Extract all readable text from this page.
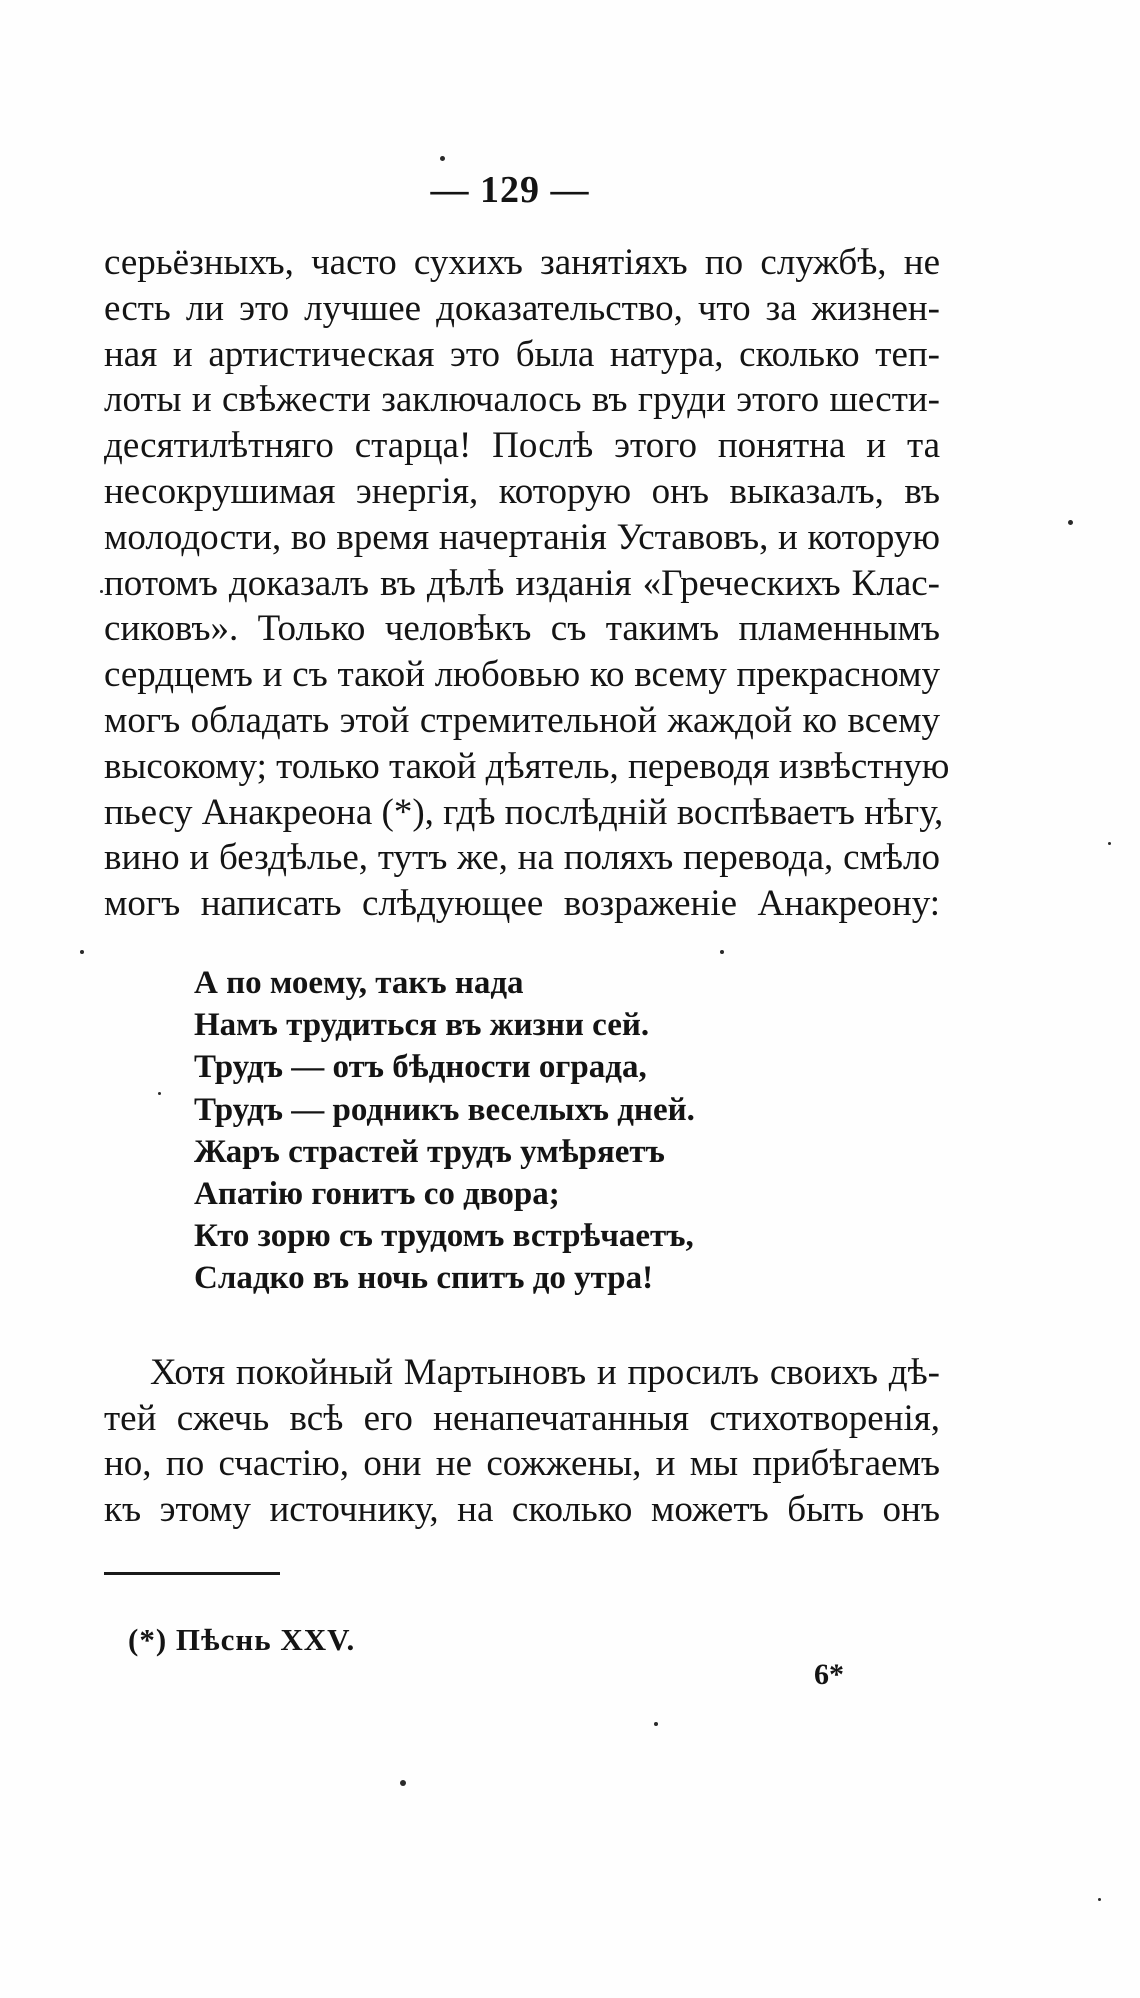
— 129 —
серьёзныхъ, часто сухихъ занятіяхъ по службѣ, не
есть ли это лучшее доказательство, что за жизнен-
ная и артистическая это была натура, сколько теп-
лоты и свѣжести заключалось въ груди этого шести-
десятилѣтняго старца! Послѣ этого понятна и та
несокрушимая энергія, которую онъ выказалъ, въ
молодости, во время начертанія Уставовъ, и которую
потомъ доказалъ въ дѣлѣ изданія «Греческихъ Клас-
сиковъ». Только человѣкъ съ такимъ пламеннымъ
сердцемъ и съ такой любовью ко всему прекрасному
могъ обладать этой стремительной жаждой ко всему
высокому; только такой дѣятель, переводя извѣстную
пьесу Анакреона (*), гдѣ послѣдній воспѣваетъ нѣгу,
вино и бездѣлье, тутъ же, на поляхъ перевода, смѣло
могъ написать слѣдующее возраженіе Анакреону:
А по моему, такъ нада
Намъ трудиться въ жизни сей.
Трудъ — отъ бѣдности ограда,
Трудъ — родникъ веселыхъ дней.
Жаръ страстей трудъ умѣряетъ
Апатію гонитъ со двора;
Кто зорю съ трудомъ встрѣчаетъ,
Сладко въ ночь спитъ до утра!
Хотя покойный Мартыновъ и просилъ своихъ дѣ-
тей сжечь всѣ его ненапечатанныя стихотворенія,
но, по счастію, они не сожжены, и мы прибѣгаемъ
къ этому источнику, на сколько можетъ быть онъ
(*) Пѣснь XXV.
6*
